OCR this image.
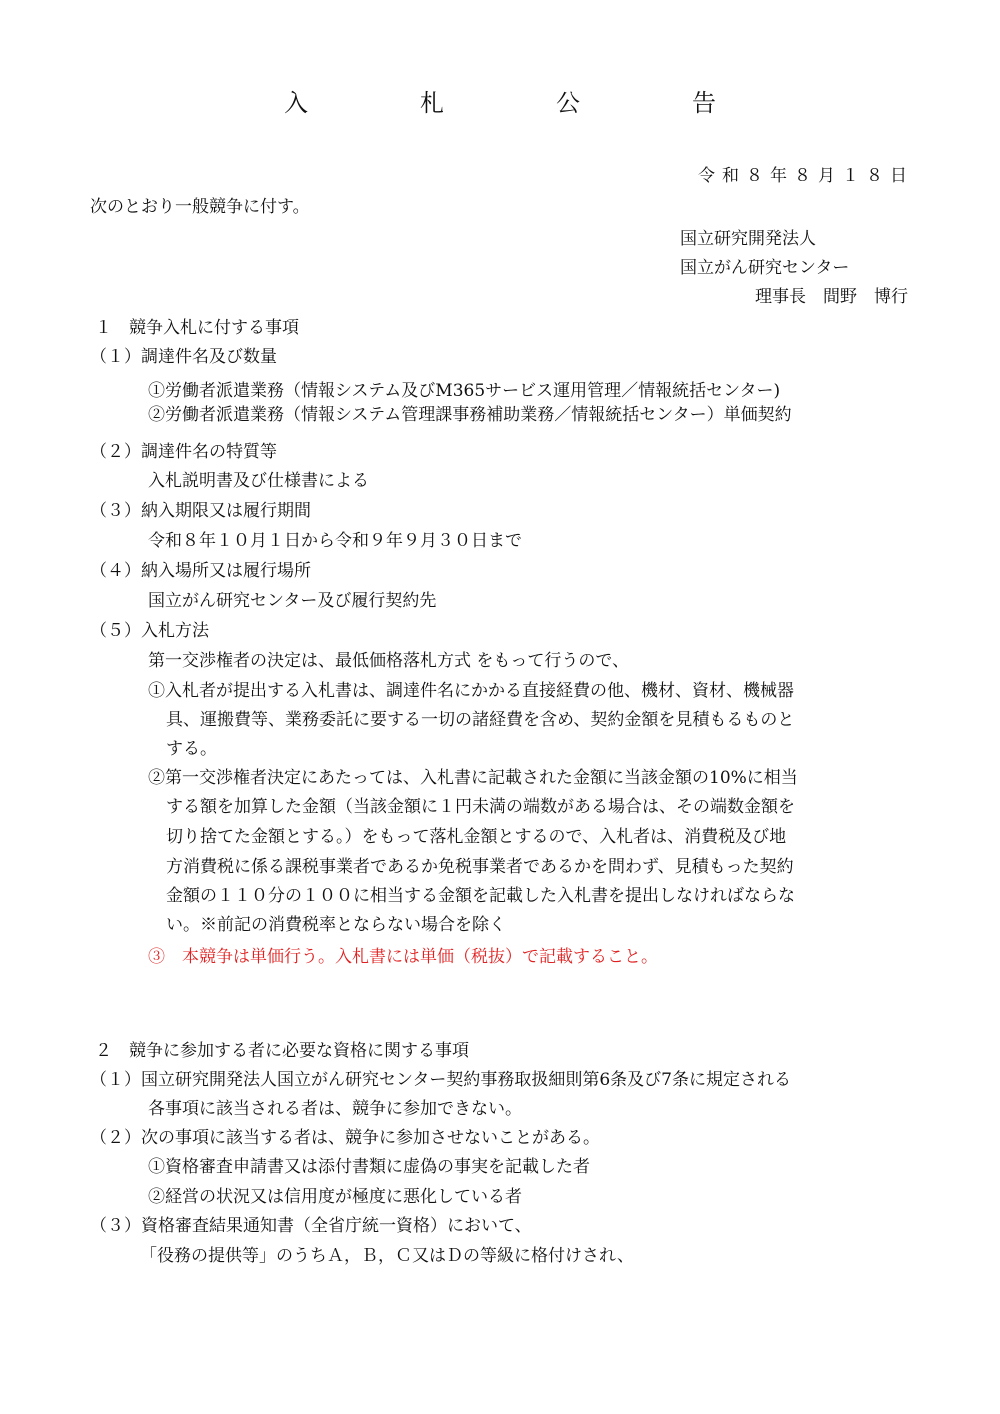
入　札　公　告
令和８年８月１８日
次のとおり一般競争に付す。
国立研究開発法人
国立がん研究センター
理事長　間野　博行
１　競争入札に付する事項
（１）調達件名及び数量
①労働者派遣業務（情報システム及びM365サービス運用管理／情報統括センター)
②労働者派遣業務（情報システム管理課事務補助業務／情報統括センター）単価契約
（２）調達件名の特質等
入札説明書及び仕様書による
（３）納入期限又は履行期間
令和８年１０月１日から令和９年９月３０日まで
（４）納入場所又は履行場所
国立がん研究センター及び履行契約先
（５）入札方法
第一交渉権者の決定は、最低価格落札方式 をもって行うので、
①入札者が提出する入札書は、調達件名にかかる直接経費の他、機材、資材、機械器
具、運搬費等、業務委託に要する一切の諸経費を含め、契約金額を見積もるものと
する。
②第一交渉権者決定にあたっては、入札書に記載された金額に当該金額の10%に相当
する額を加算した金額（当該金額に１円未満の端数がある場合は、その端数金額を
切り捨てた金額とする。）をもって落札金額とするので、入札者は、消費税及び地
方消費税に係る課税事業者であるか免税事業者であるかを問わず、見積もった契約
金額の１１０分の１００に相当する金額を記載した入札書を提出しなければならな
い。※前記の消費税率とならない場合を除く
③　本競争は単価行う。入札書には単価（税抜）で記載すること。
２　競争に参加する者に必要な資格に関する事項
（１）国立研究開発法人国立がん研究センター契約事務取扱細則第6条及び7条に規定される
各事項に該当される者は、競争に参加できない。
（２）次の事項に該当する者は、競争に参加させないことがある。
①資格審査申請書又は添付書類に虚偽の事実を記載した者
②経営の状況又は信用度が極度に悪化している者
（３）資格審査結果通知書（全省庁統一資格）において、
「役務の提供等」のうちＡ，Ｂ，Ｃ又はＤの等級に格付けされ、
